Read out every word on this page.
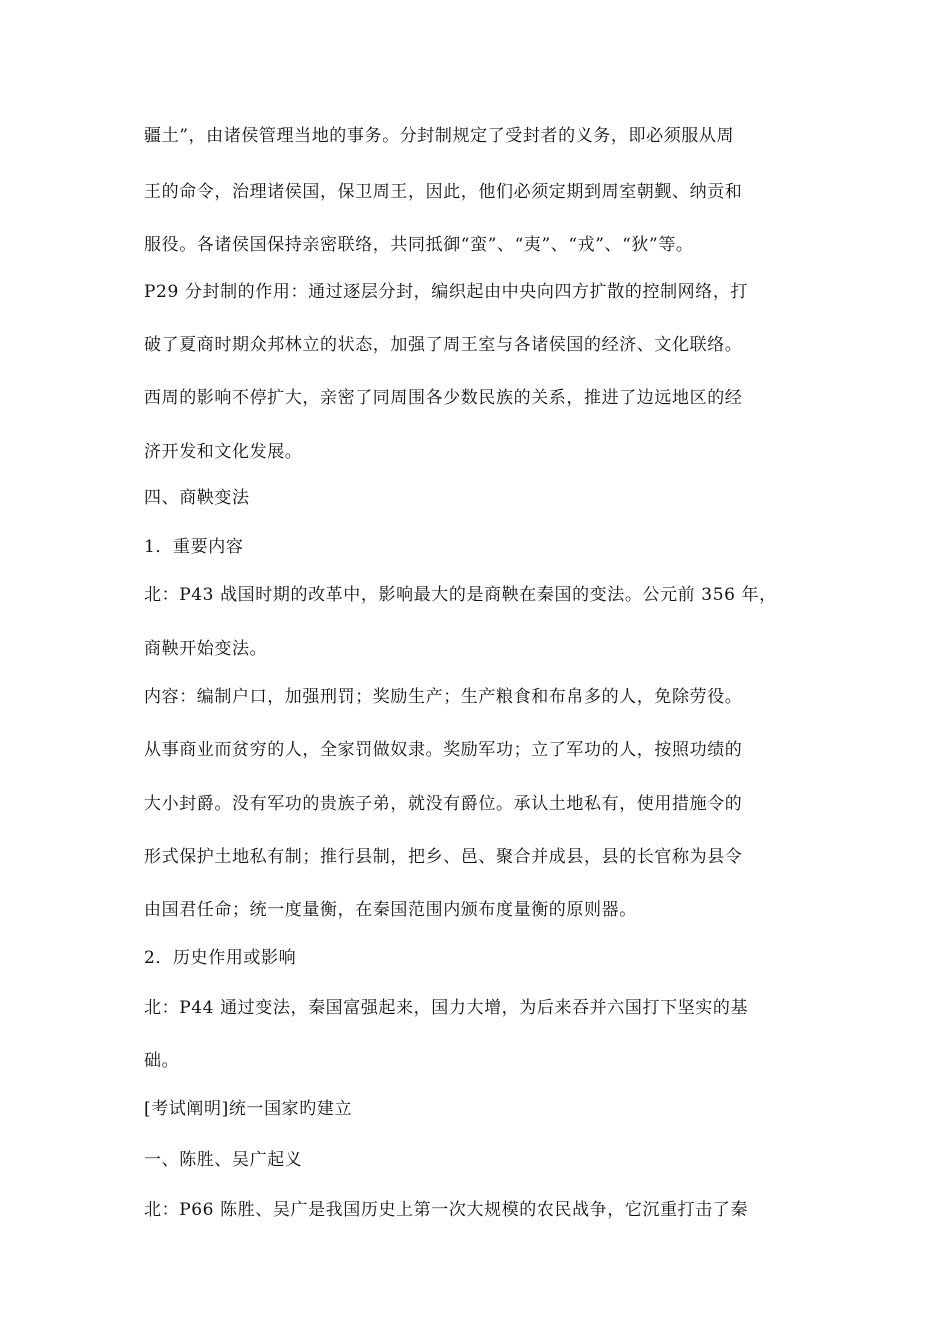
疆土”，由诸侯管理当地的事务。分封制规定了受封者的义务，即必须服从周
王的命令，治理诸侯国，保卫周王，因此，他们必须定期到周室朝觐、纳贡和
服役。各诸侯国保持亲密联络，共同抵御“蛮”、“夷”、“戎”、“狄”等。
P29 分封制的作用：通过逐层分封，编织起由中央向四方扩散的控制网络，打
破了夏商时期众邦林立的状态，加强了周王室与各诸侯国的经济、文化联络。
西周的影响不停扩大，亲密了同周围各少数民族的关系，推进了边远地区的经
济开发和文化发展。
四、商鞅变法
1．重要内容
北：P43 战国时期的改革中，影响最大的是商鞅在秦国的变法。公元前 356 年，
商鞅开始变法。
内容：编制户口，加强刑罚；奖励生产；生产粮食和布帛多的人，免除劳役。
从事商业而贫穷的人，全家罚做奴隶。奖励军功；立了军功的人，按照功绩的
大小封爵。没有军功的贵族子弟，就没有爵位。承认土地私有，使用措施令的
形式保护土地私有制；推行县制，把乡、邑、聚合并成县，县的长官称为县令
由国君任命；统一度量衡，在秦国范围内颁布度量衡的原则器。
2．历史作用或影响
北：P44 通过变法，秦国富强起来，国力大增，为后来吞并六国打下坚实的基
础。
[考试阐明]统一国家旳建立
一、陈胜、吴广起义
北：P66 陈胜、吴广是我国历史上第一次大规模的农民战争，它沉重打击了秦
